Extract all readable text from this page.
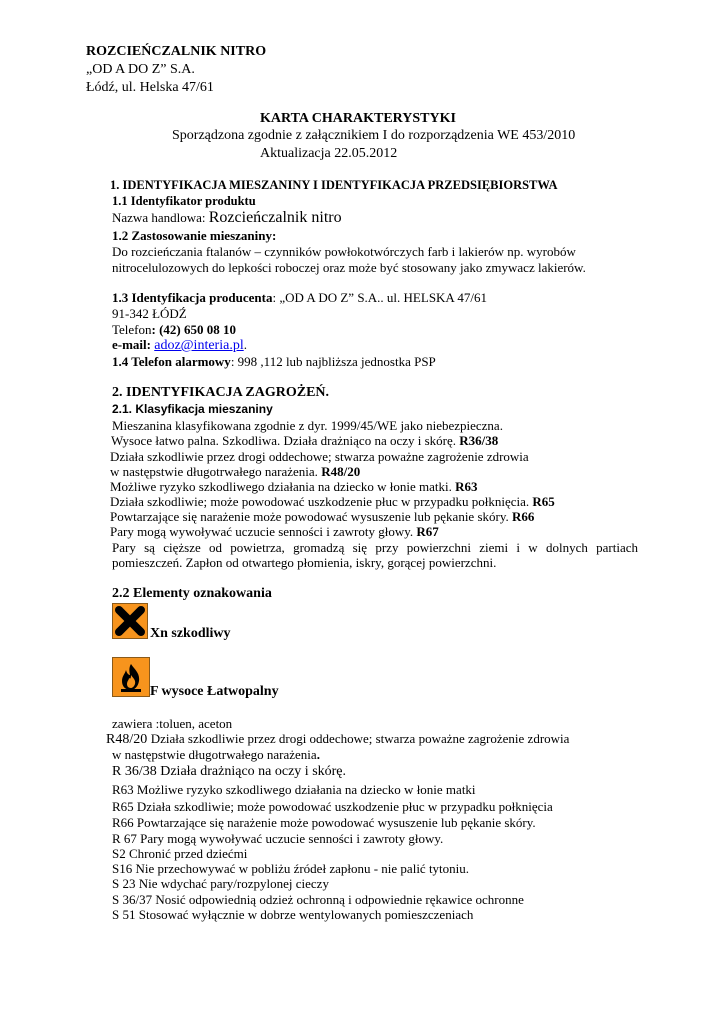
ROZCIEŃCZALNIK NITRO
„OD A DO Z” S.A.
Łódź, ul. Helska 47/61
KARTA CHARAKTERYSTYKI
Sporządzona zgodnie z załącznikiem I do rozporządzenia WE 453/2010
Aktualizacja 22.05.2012
1. IDENTYFIKACJA MIESZANINY I IDENTYFIKACJA PRZEDSIĘBIORSTWA
1.1 Identyfikator produktu
Nazwa handlowa: Rozcieńczalnik nitro
1.2 Zastosowanie mieszaniny:
Do rozcieńczania ftalanów – czynników powłokotwórczych farb i lakierów np. wyrobów
nitrocelulozowych do lepkości roboczej oraz może być stosowany jako zmywacz lakierów.
1.3 Identyfikacja producenta: „OD A DO Z” S.A.. ul. HELSKA 47/61
91-342 ŁÓDŹ
Telefon: (42) 650 08 10
e-mail: adoz@interia.pl.
1.4 Telefon alarmowy: 998 ,112 lub najbliższa jednostka PSP
2. IDENTYFIKACJA ZAGROŻEŃ.
2.1. Klasyfikacja mieszaniny
Mieszanina klasyfikowana zgodnie z dyr. 1999/45/WE jako niebezpieczna.
Wysoce łatwo palna. Szkodliwa. Działa drażniąco na oczy i skórę. R36/38
Działa szkodliwie przez drogi oddechowe; stwarza poważne zagrożenie zdrowia
w następstwie długotrwałego narażenia. R48/20
Możliwe ryzyko szkodliwego działania na dziecko w łonie matki. R63
Działa szkodliwie; może powodować uszkodzenie płuc w przypadku połknięcia. R65
Powtarzające się narażenie może powodować wysuszenie lub pękanie skóry. R66
Pary mogą wywoływać uczucie senności i zawroty głowy. R67
Pary są cięższe od powietrza, gromadzą się przy powierzchni ziemi i w dolnych partiach
pomieszczeń. Zapłon od otwartego płomienia, iskry, gorącej powierzchni.
2.2 Elementy oznakowania
Xn szkodliwy
F wysoce Łatwopalny
zawiera :toluen, aceton
R48/20 Działa szkodliwie przez drogi oddechowe; stwarza poważne zagrożenie zdrowia
w następstwie długotrwałego narażenia.
R 36/38 Działa drażniąco na oczy i skórę.
R63 Możliwe ryzyko szkodliwego działania na dziecko w łonie matki
R65 Działa szkodliwie; może powodować uszkodzenie płuc w przypadku połknięcia
R66 Powtarzające się narażenie może powodować wysuszenie lub pękanie skóry.
R 67 Pary mogą wywoływać uczucie senności i zawroty głowy.
S2 Chronić przed dziećmi
S16 Nie przechowywać w pobliżu źródeł zapłonu - nie palić tytoniu.
S 23 Nie wdychać pary/rozpylonej cieczy
S 36/37 Nosić odpowiednią odzież ochronną i odpowiednie rękawice ochronne
S 51 Stosować wyłącznie w dobrze wentylowanych pomieszczeniach
